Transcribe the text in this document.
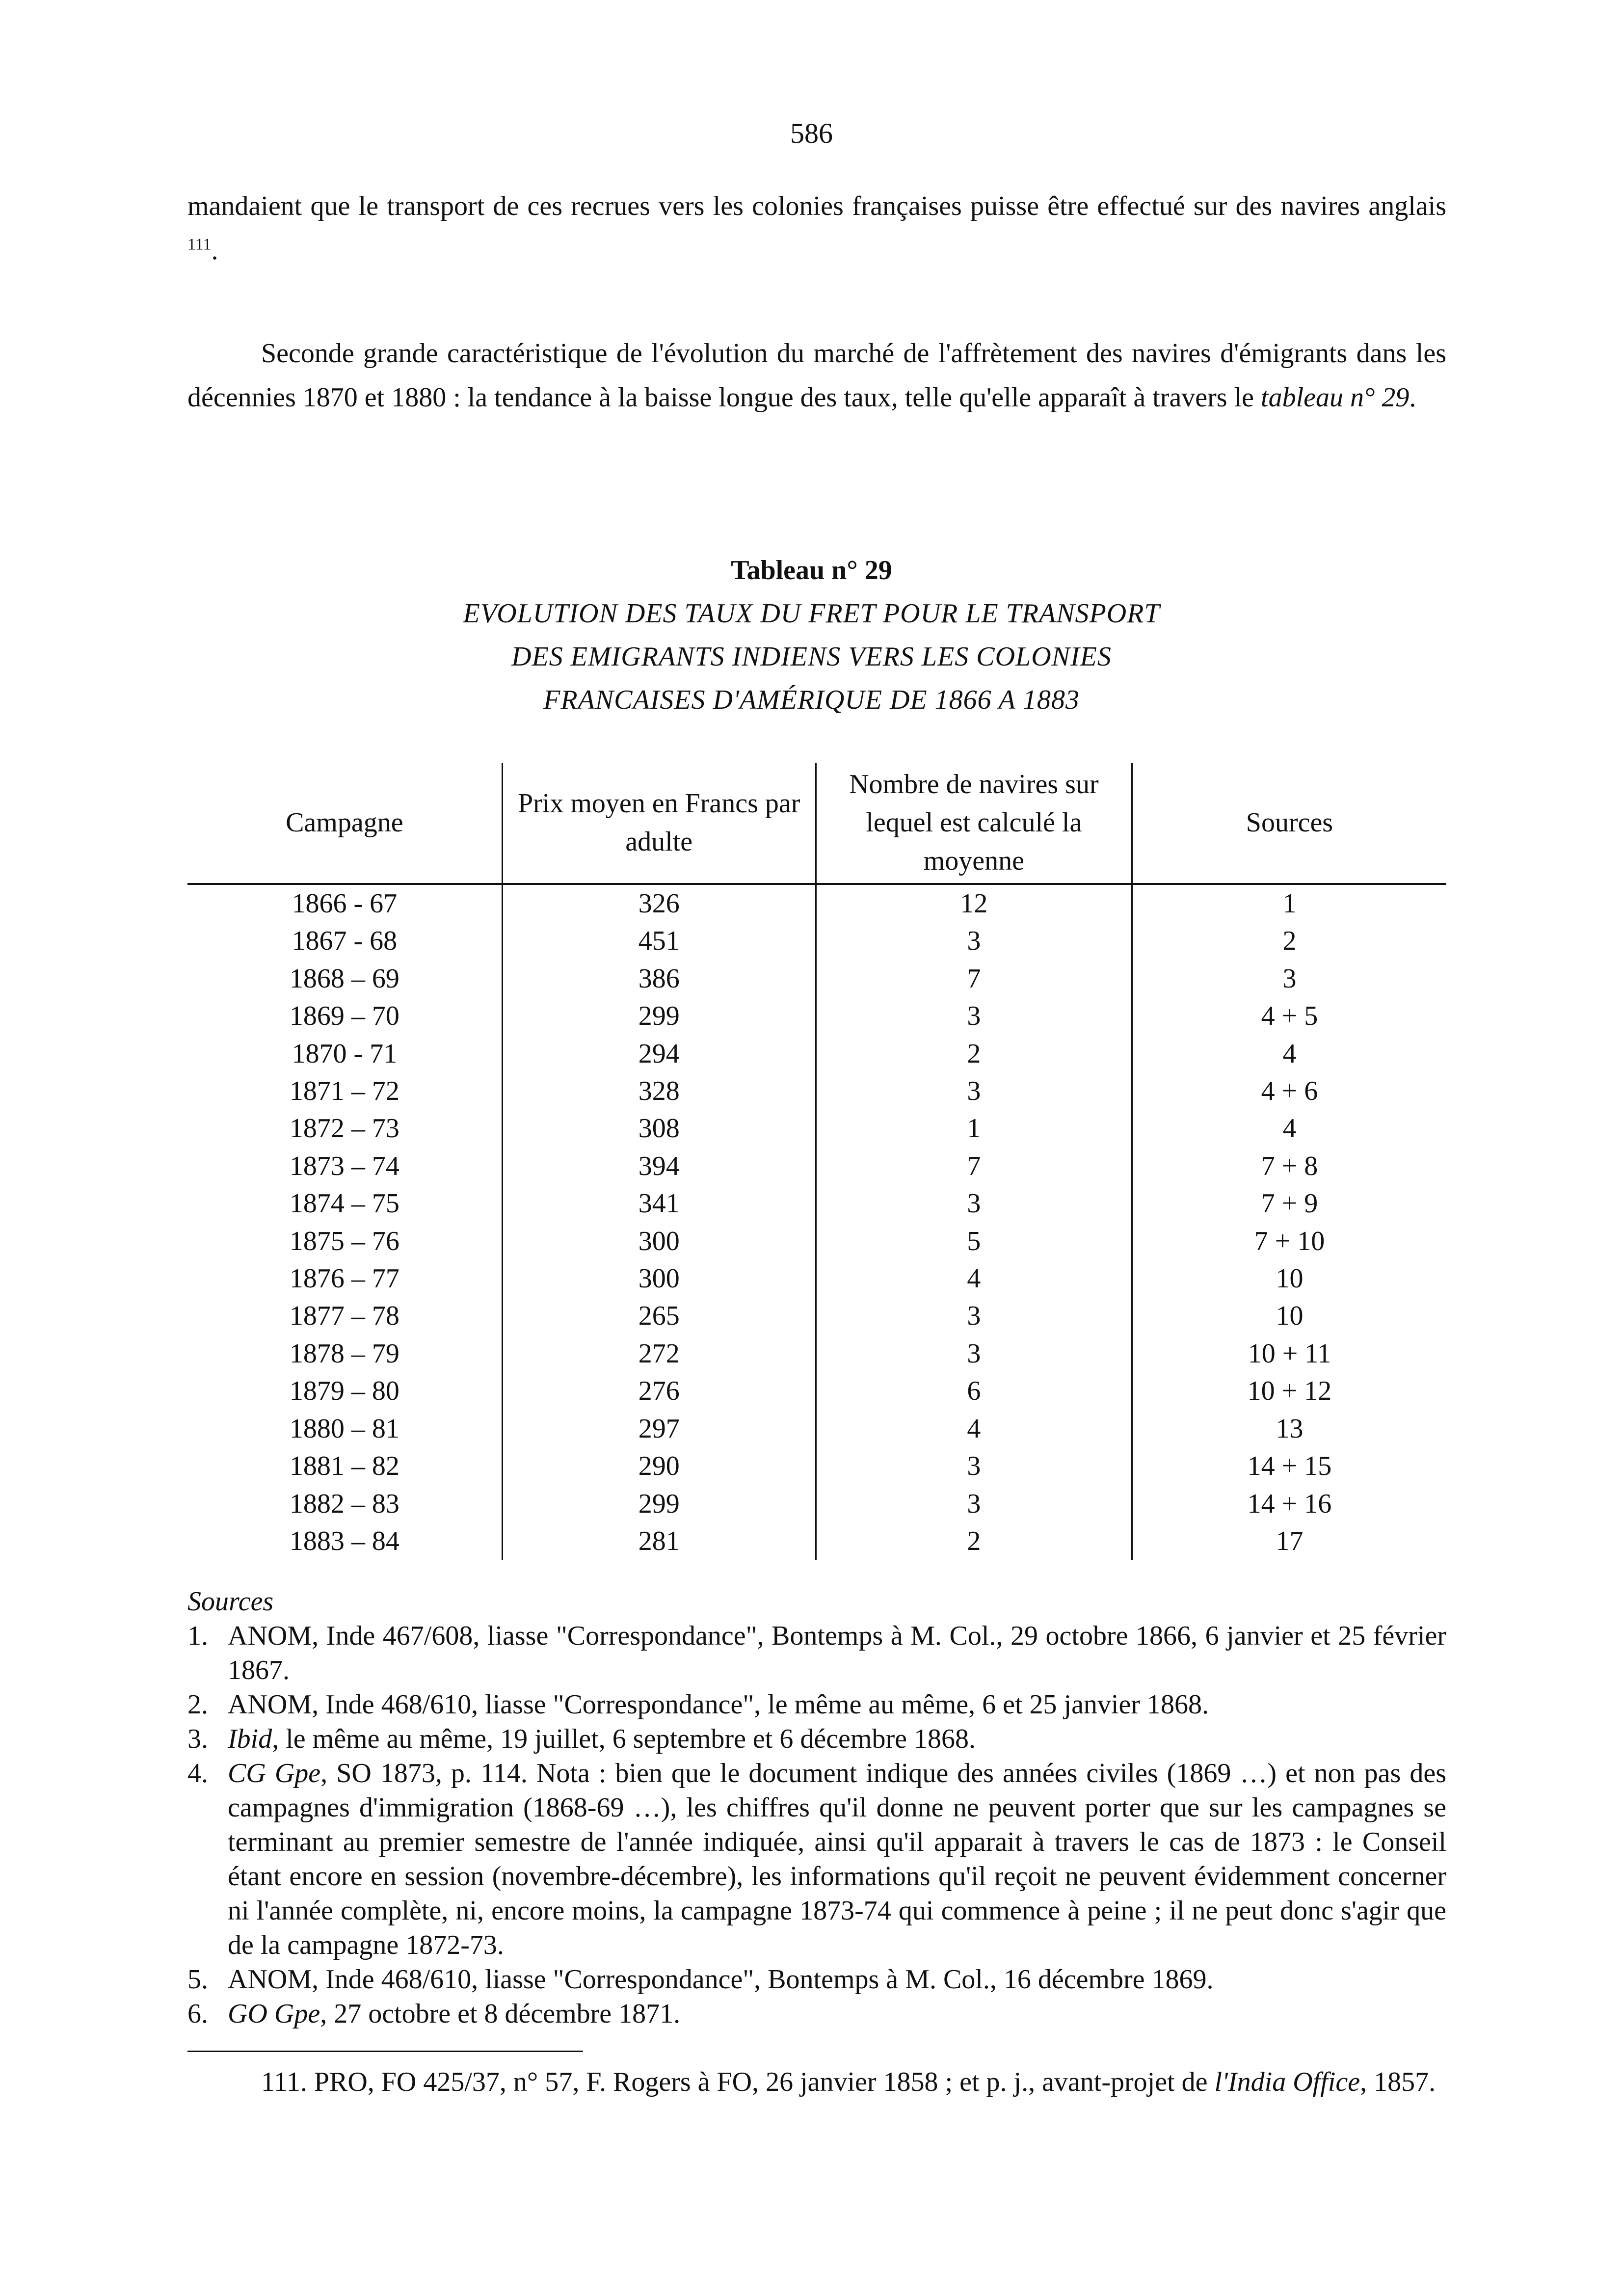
586

mandaient que le transport de ces recrues vers les colonies françaises puisse être effectué sur des navires anglais $^{111}$.

Seconde grande caractéristique de l'évolution du marché de l'affrètement des navires d'émigrants dans les décennies 1870 et 1880 : la tendance à la baisse longue des taux, telle qu'elle apparaît à travers le tableau n° 29.

Tableau n° 29
EVOLUTION DES TAUX DU FRET POUR LE TRANSPORT
DES EMIGRANTS INDIENS VERS LES COLONIES
FRANCAISES D'AMÉRIQUE DE 1866 A 1883
Campagne	Prix moyen en Francs par adulte	Nombre de navires sur lequel est calculé la moyenne	Sources
1866 - 67	326	12	1
1867 - 68	451	3	2
1868 – 69	386	7	3
1869 – 70	299	3	4 + 5
1870 - 71	294	2	4
1871 – 72	328	3	4 + 6
1872 – 73	308	1	4
1873 – 74	394	7	7 + 8
1874 – 75	341	3	7 + 9
1875 – 76	300	5	7 + 10
1876 – 77	300	4	10
1877 – 78	265	3	10
1878 – 79	272	3	10 + 11
1879 – 80	276	6	10 + 12
1880 – 81	297	4	13
1881 – 82	290	3	14 + 15
1882 – 83	299	3	14 + 16
1883 – 84	281	2	17
Sources
1. ANOM, Inde 467/608, liasse "Correspondance", Bontemps à M. Col., 29 octobre 1866, 6 janvier et 25 février 1867.
2. ANOM, Inde 468/610, liasse "Correspondance", le même au même, 6 et 25 janvier 1868.
3. Ibid, le même au même, 19 juillet, 6 septembre et 6 décembre 1868.
4. CG Gpe, SO 1873, p. 114. Nota : bien que le document indique des années civiles (1869 …) et non pas des campagnes d'immigration (1868-69 …), les chiffres qu'il donne ne peuvent porter que sur les campagnes se terminant au premier semestre de l'année indiquée, ainsi qu'il apparait à travers le cas de 1873 : le Conseil étant encore en session (novembre-décembre), les informations qu'il reçoit ne peuvent évidemment concerner ni l'année complète, ni, encore moins, la campagne 1873-74 qui commence à peine ; il ne peut donc s'agir que de la campagne 1872-73.
5. ANOM, Inde 468/610, liasse "Correspondance", Bontemps à M. Col., 16 décembre 1869.
6. GO Gpe, 27 octobre et 8 décembre 1871.

111. PRO, FO 425/37, n° 57, F. Rogers à FO, 26 janvier 1858 ; et p. j., avant-projet de l'India Office, 1857.
